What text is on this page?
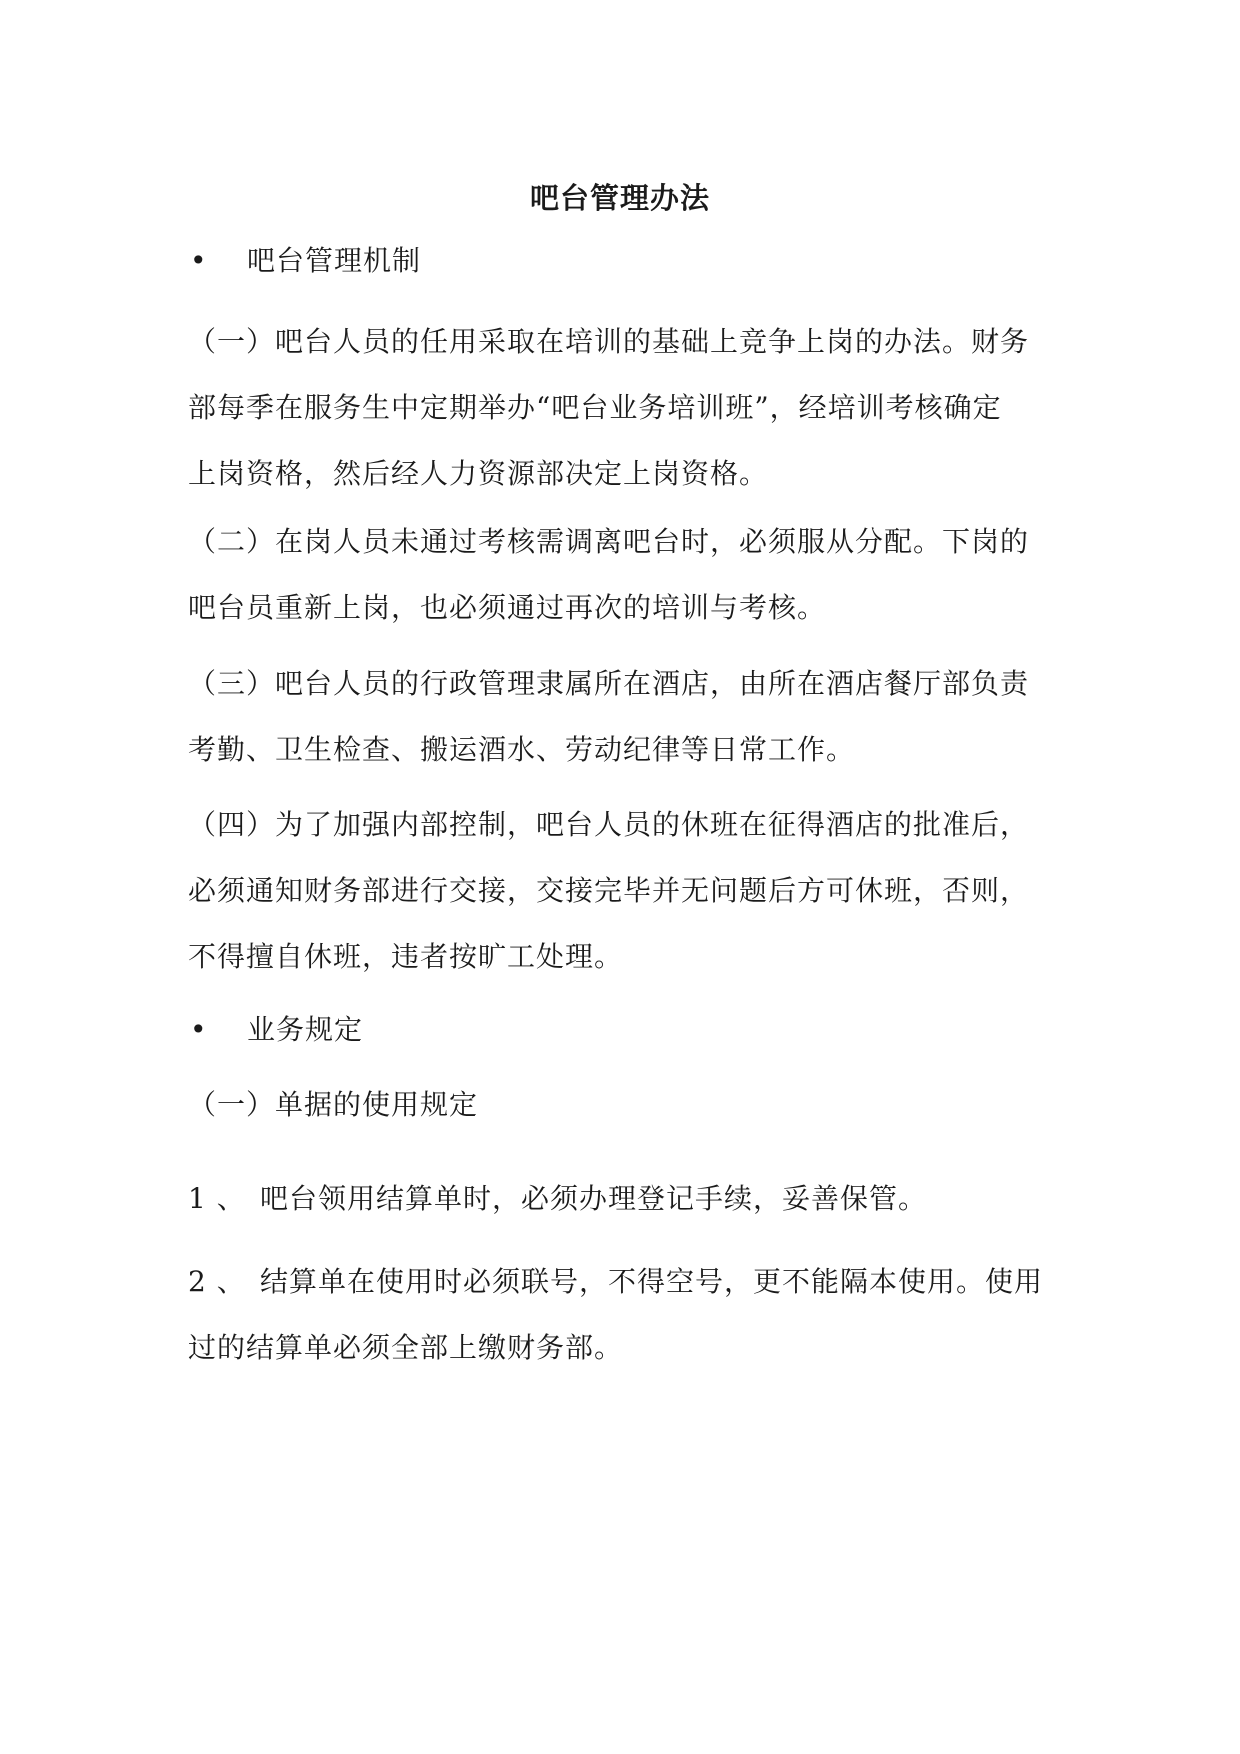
吧台管理办法
• 吧台管理机制
（一）吧台人员的任用采取在培训的基础上竞争上岗的办法。财务
部每季在服务生中定期举办“吧台业务培训班”，经培训考核确定
上岗资格，然后经人力资源部决定上岗资格。
（二）在岗人员未通过考核需调离吧台时，必须服从分配。下岗的
吧台员重新上岗，也必须通过再次的培训与考核。
（三）吧台人员的行政管理隶属所在酒店，由所在酒店餐厅部负责
考勤、卫生检查、搬运酒水、劳动纪律等日常工作。
（四）为了加强内部控制，吧台人员的休班在征得酒店的批准后，
必须通知财务部进行交接，交接完毕并无问题后方可休班，否则，
不得擅自休班，违者按旷工处理。
• 业务规定
（一）单据的使用规定
1 、 吧台领用结算单时，必须办理登记手续，妥善保管。
2 、 结算单在使用时必须联号，不得空号，更不能隔本使用。使用
过的结算单必须全部上缴财务部。
